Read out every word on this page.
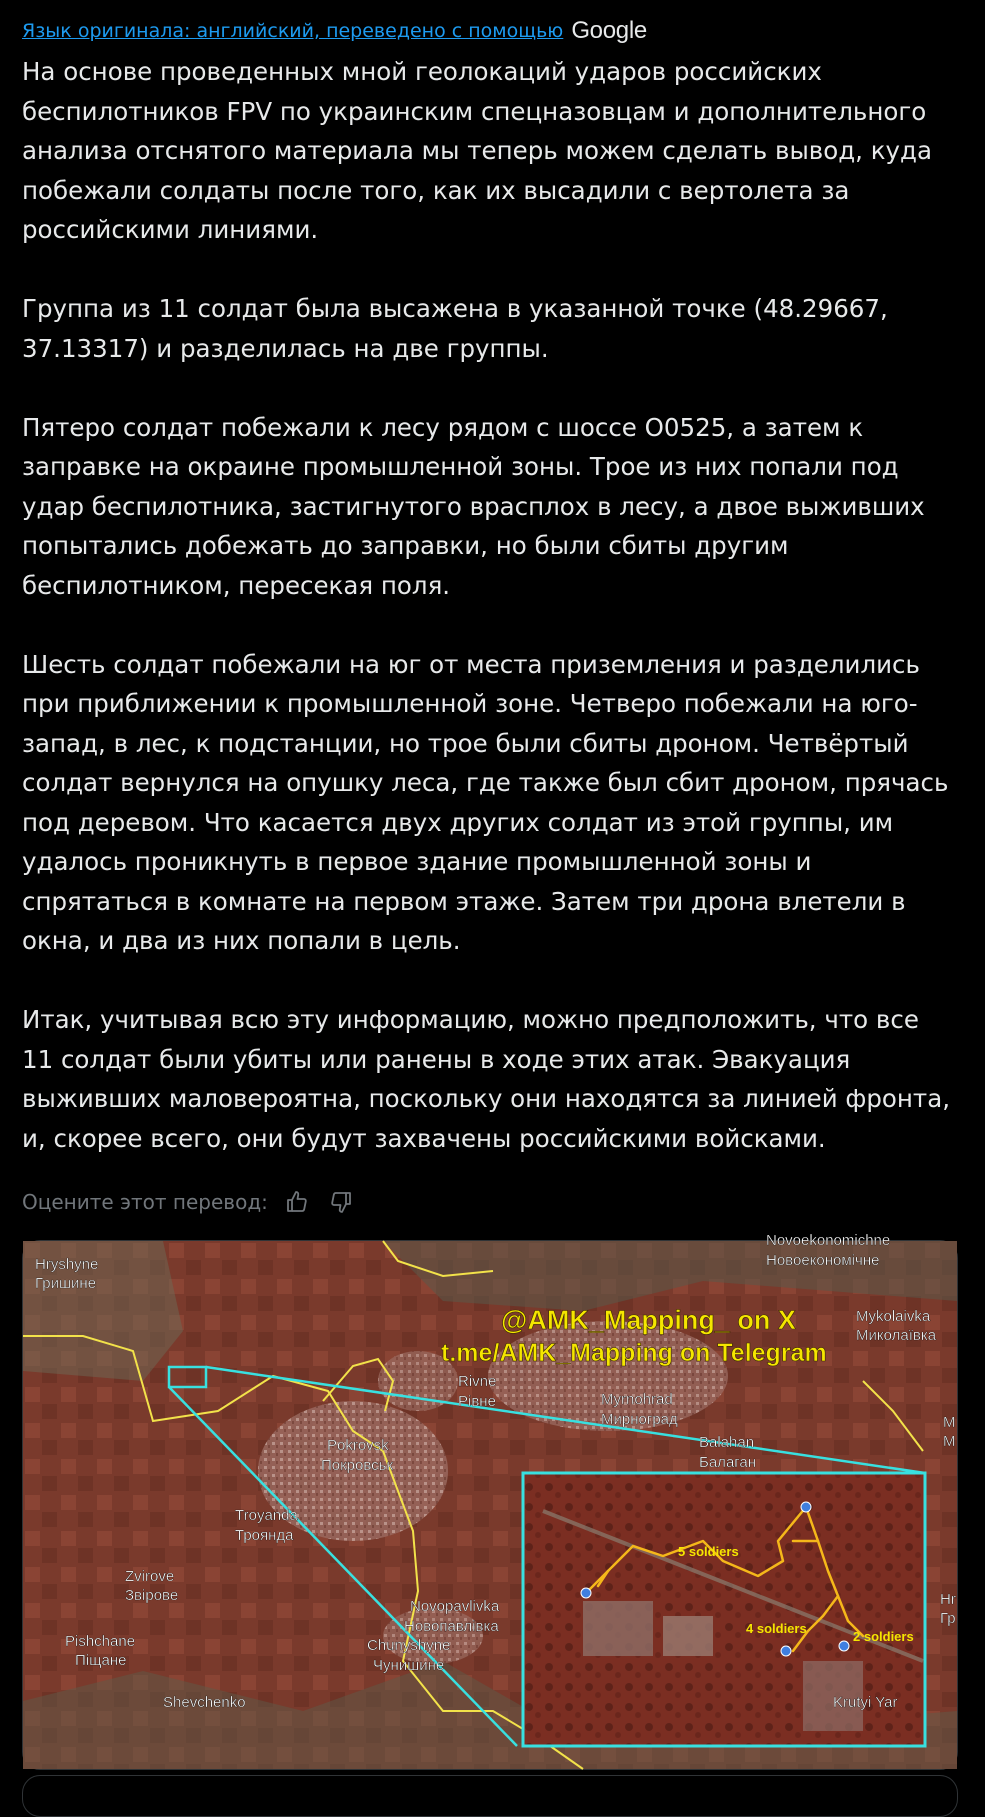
Язык оригинала: английский, переведено с помощью Google

На основе проведенных мной геолокаций ударов российских беспилотников FPV по украинским спецназовцам и дополнительного анализа отснятого материала мы теперь можем сделать вывод, куда побежали солдаты после того, как их высадили с вертолета за российскими линиями.

Группа из 11 солдат была высажена в указанной точке (48.29667, 37.13317) и разделилась на две группы.

Пятеро солдат побежали к лесу рядом с шоссе О0525, а затем к заправке на окраине промышленной зоны. Трое из них попали под удар беспилотника, застигнутого врасплох в лесу, а двое выживших попытались добежать до заправки, но были сбиты другим беспилотником, пересекая поля.

Шесть солдат побежали на юг от места приземления и разделились при приближении к промышленной зоне. Четверо побежали на юго-запад, в лес, к подстанции, но трое были сбиты дроном. Четвёртый солдат вернулся на опушку леса, где также был сбит дроном, прячась под деревом. Что касается двух других солдат из этой группы, им удалось проникнуть в первое здание промышленной зоны и спрятаться в комнате на первом этаже. Затем три дрона влетели в окна, и два из них попали в цель.

Итак, учитывая всю эту информацию, можно предположить, что все 11 солдат были убиты или ранены в ходе этих атак. Эвакуация выживших маловероятна, поскольку они находятся за линией фронта, и, скорее всего, они будут захвачены российскими войсками.

Оцените этот перевод:
5 soldiers
4 soldiers
2 soldiers
@AMK_Mapping_ on X
t.me/AMK_Mapping on Telegram
Hryshyne
Гришине
Novoekonomichne
Новоекономічне
Mykolaivka
Миколаївка
Rivne
Рівне	Myrnohrad
Мирноград
Pokrovsk
Покровськ
Balahan
Балаган
Troyanda
Троянда
Zvirove
Звірове
Novopavlivka
Новопавлівка
Pishchane
Піщане
Chunyshyne
Чунишине
Shevchenko	Krutyi Yar
M
M
Hr
Гр
